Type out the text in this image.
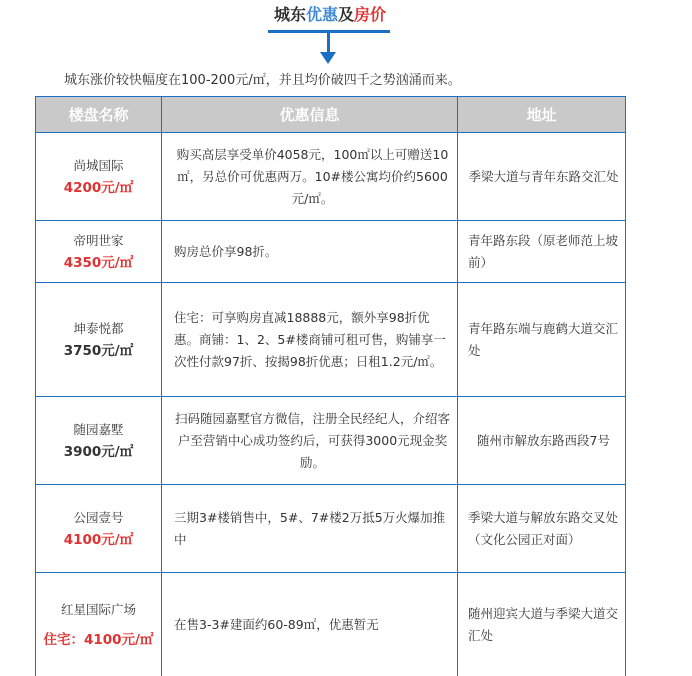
城东优惠及房价
城东涨价较快幅度在100-200元/㎡，并且均价破四千之势汹涌而来。
楼盘名称	优惠信息	地址

尚城国际
4200元/㎡	购买高层享受单价4058元，100㎡以上可赠送10㎡，另总价可优惠两万。10#楼公寓均价约5600元/㎡。	季梁大道与青年东路交汇处

帝明世家
4350元/㎡	购房总价享98折。	青年路东段（原老师范上坡前）

坤泰悦都
3750元/㎡	住宅：可享购房直减18888元，额外享98折优惠。商铺：1、2、5#楼商铺可租可售，购铺享一次性付款97折、按揭98折优惠；日租1.2元/㎡。	青年路东端与鹿鹤大道交汇处

随园嘉墅
3900元/㎡	扫码随园嘉墅官方微信，注册全民经纪人，介绍客户至营销中心成功签约后，可获得3000元现金奖励。	随州市解放东路西段7号

公园壹号
4100元/㎡	三期3#楼销售中，5#、7#楼2万抵5万火爆加推中	季梁大道与解放东路交叉处（文化公园正对面）

红星国际广场
住宅：4100元/㎡	在售3-3#建面约60-89㎡，优惠暂无	随州迎宾大道与季梁大道交汇处
